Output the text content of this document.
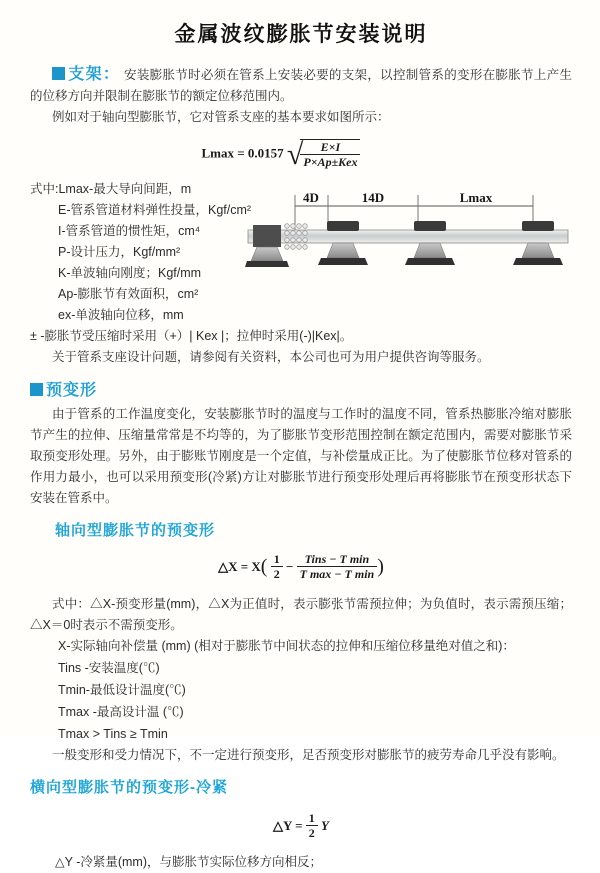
金属波纹膨胀节安装说明

支架： 安装膨胀节时必须在管系上安装必要的支架，以控制管系的变形在膨胀节上产生的位移方向并限制在膨胀节的额定位移范围内。

例如对于轴向型膨胀节，它对管系支座的基本要求如图所示：

Lmax = 0.0157 √
$\frac{E\times I}{\text{P×Ap±Kex}}$
式中:Lmax-最大导向间距，m
E-管系管道材料弹性投量，Kgf/cm²
I-管系管道的惯性矩，cm⁴
P-设计压力，Kgf/mm²
K-单波轴向刚度；Kgf/mm
Ap-膨胀节有效面积，cm²
ex-单波轴向位移，mm
± -膨胀节受压缩时采用（+）| Kex |；拉伸时采用(-)|Kex|。
关于管系支座设计问题，请参阅有关资料，本公司也可为用户提供咨询等服务。
4D	14D	Lmax

预变形

由于管系的工作温度变化，安装膨胀节时的温度与工作时的温度不同，管系热膨胀冷缩对膨胀节产生的拉伸、压缩量常常是不均等的，为了膨胀节变形范围控制在额定范围内，需要对膨胀节采取预变形处理。另外，由于膨账节刚度是一个定值，与补偿量成正比。为了使膨胀节位移对管系的作用力最小，也可以采用预变形(冷紧)方让对膨胀节进行预变形处理后再将膨胀节在预变形状态下安装在管系中。

轴向型膨胀节的预变形
△X = $X( \frac{1}{2} - \frac{\text{Tins − T min}}{\text{T max − T min}}$ )

式中：△X-预变形量(mm)，△X为正值时，表示膨张节需预拉伸；为负值时，表示需预压缩；△X＝0时表示不需预变形。

X-实际轴向补偿量 (mm) (相对于膨胀节中间状态的拉伸和压缩位移量绝对值之和)：
Tins -安装温度(℃)
Tmin-最低设计温度(℃)
Tmax -最高设计温 (℃)
Tmax > Tins ≥ Tmin

一般变形和受力情况下，不一定进行预变形，足否预变形对膨胀节的疲劳寿命几乎没有影响。

横向型膨胀节的预变形-冷紧
△Y = $\frac{1}{2}$ Y
△Y -冷紧量(mm)，与膨胀节实际位移方向相反；
